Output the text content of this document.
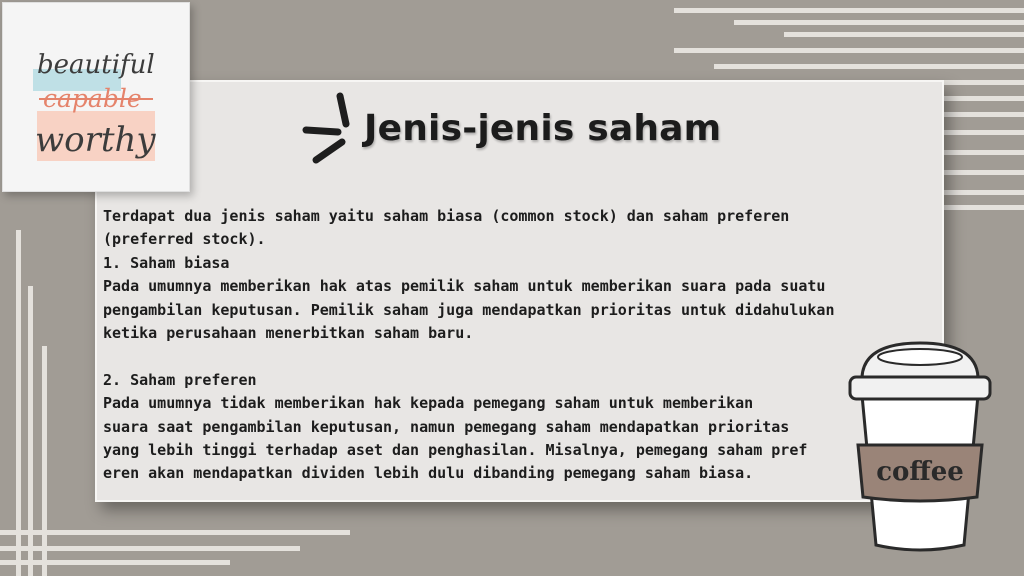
beautiful
capable
worthy	Jenis-jenis saham

Terdapat dua jenis saham yaitu saham biasa (common stock) dan saham preferen

(preferred stock).

1. Saham biasa

Pada umumnya memberikan hak atas pemilik saham untuk memberikan suara pada suatu

pengambilan keputusan. Pemilik saham juga mendapatkan prioritas untuk didahulukan

ketika perusahaan menerbitkan saham baru.

2. Saham preferen

Pada umumnya tidak memberikan hak kepada pemegang saham untuk memberikan

suara saat pengambilan keputusan, namun pemegang saham mendapatkan prioritas

yang lebih tinggi terhadap aset dan penghasilan. Misalnya, pemegang saham pref

eren akan mendapatkan dividen lebih dulu dibanding pemegang saham biasa.	coffee
